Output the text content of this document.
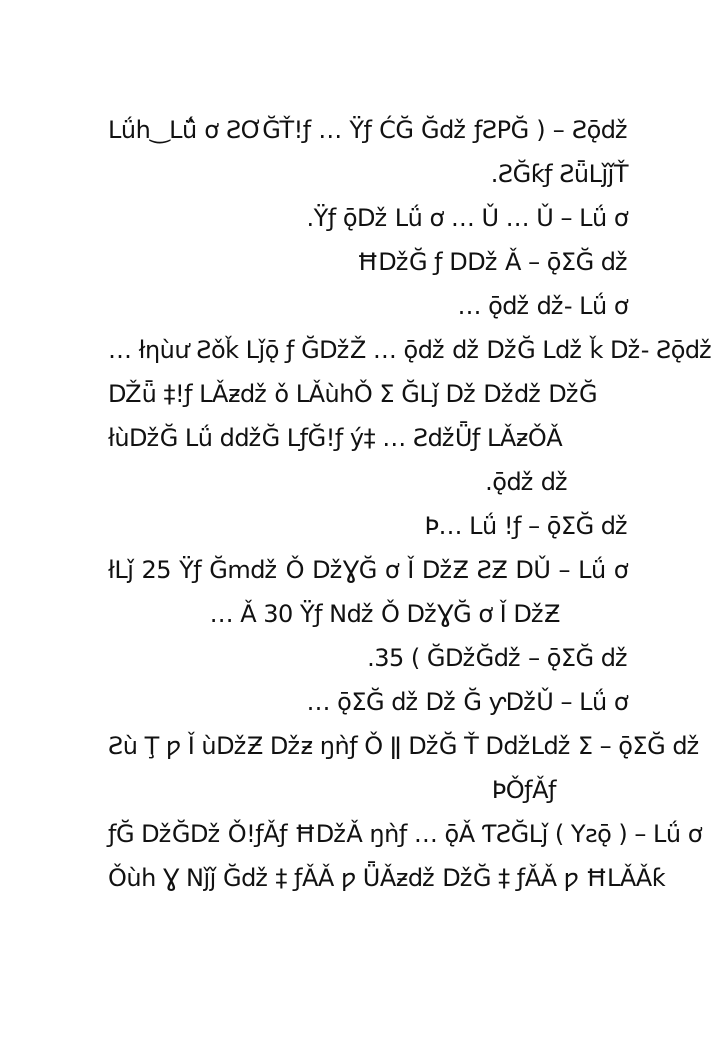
Lǘh‿Lǘ̂ ơ ƧƠĞŤ!ƒ … Ÿƒ ĆĞ Ğǆ ƒƧPĞ ) – Ƨǭǆ
.ƧĞƙƒ ƧǖLǰǰŤ
.Ÿƒ ǭǅ Lǘ ơ … Ǔ … Ǔ – Lǘ ơ
ĦǅĞ ƒ Dǅ Ǎ – ǭƩĞ ǆ
… ǭǆ ǆ- Lǘ ơ
… łηùư Ƨǒǩ Lǰǭ ƒ ĞǅŽ … ǭǆ ǆ ǅĞ Lǆ ǩ ǅ- Ƨǭǆ
Ǆǖ ‡!ƒ LǍƶǆ ǒ LǍùhǑ Σ ĞLǰ ǅ ǅǆ ǅĞ
łùǅĞ Lǘ dǆĞ LƒĞ!ƒ ý‡ … ƧǆǕƒ LǍƶǑǍ
.ǭǆ ǆ
Þ… Lǘ !ƒ – ǭƩĞ ǆ
łLǰ 25 Ÿƒ Ğmǆ Ǒ ǅƔĞ ơ Ǐ ǅƵ ƧƵ DǓ – Lǘ ơ
… Ǎ 30 Ÿƒ Nǆ Ǒ ǅƔĞ ơ Ǐ ǅƵ
.35 ( ĞǅĞǆ – ǭƩĞ ǆ
… ǭƩĞ ǆ ǅ Ğ ƴǅǓ – Lǘ ơ
Ƨù Ţ ƿ Ǐ ùǅƵ ǅƶ ŋǹƒ Ǒ ǁ ǅĞ Ť DǆLǆ Σ – ǭƩĞ ǆ
ÞǑƒǍƒ
ƒĞ ǅĞǅ Ǒ!ƒǍƒ ĦǅǍ ŋǹƒ … ǭǍ ƬƧĞLǰ ( Yƨǭ ) – Lǘ ơ
Ǒùh Ɣ Nǰǰ Ğǆ ‡ ƒǍǍ ƿ ǕǍƶǆ ǅĞ ‡ ƒǍǍ ƿ ĦLǍǍƙ
